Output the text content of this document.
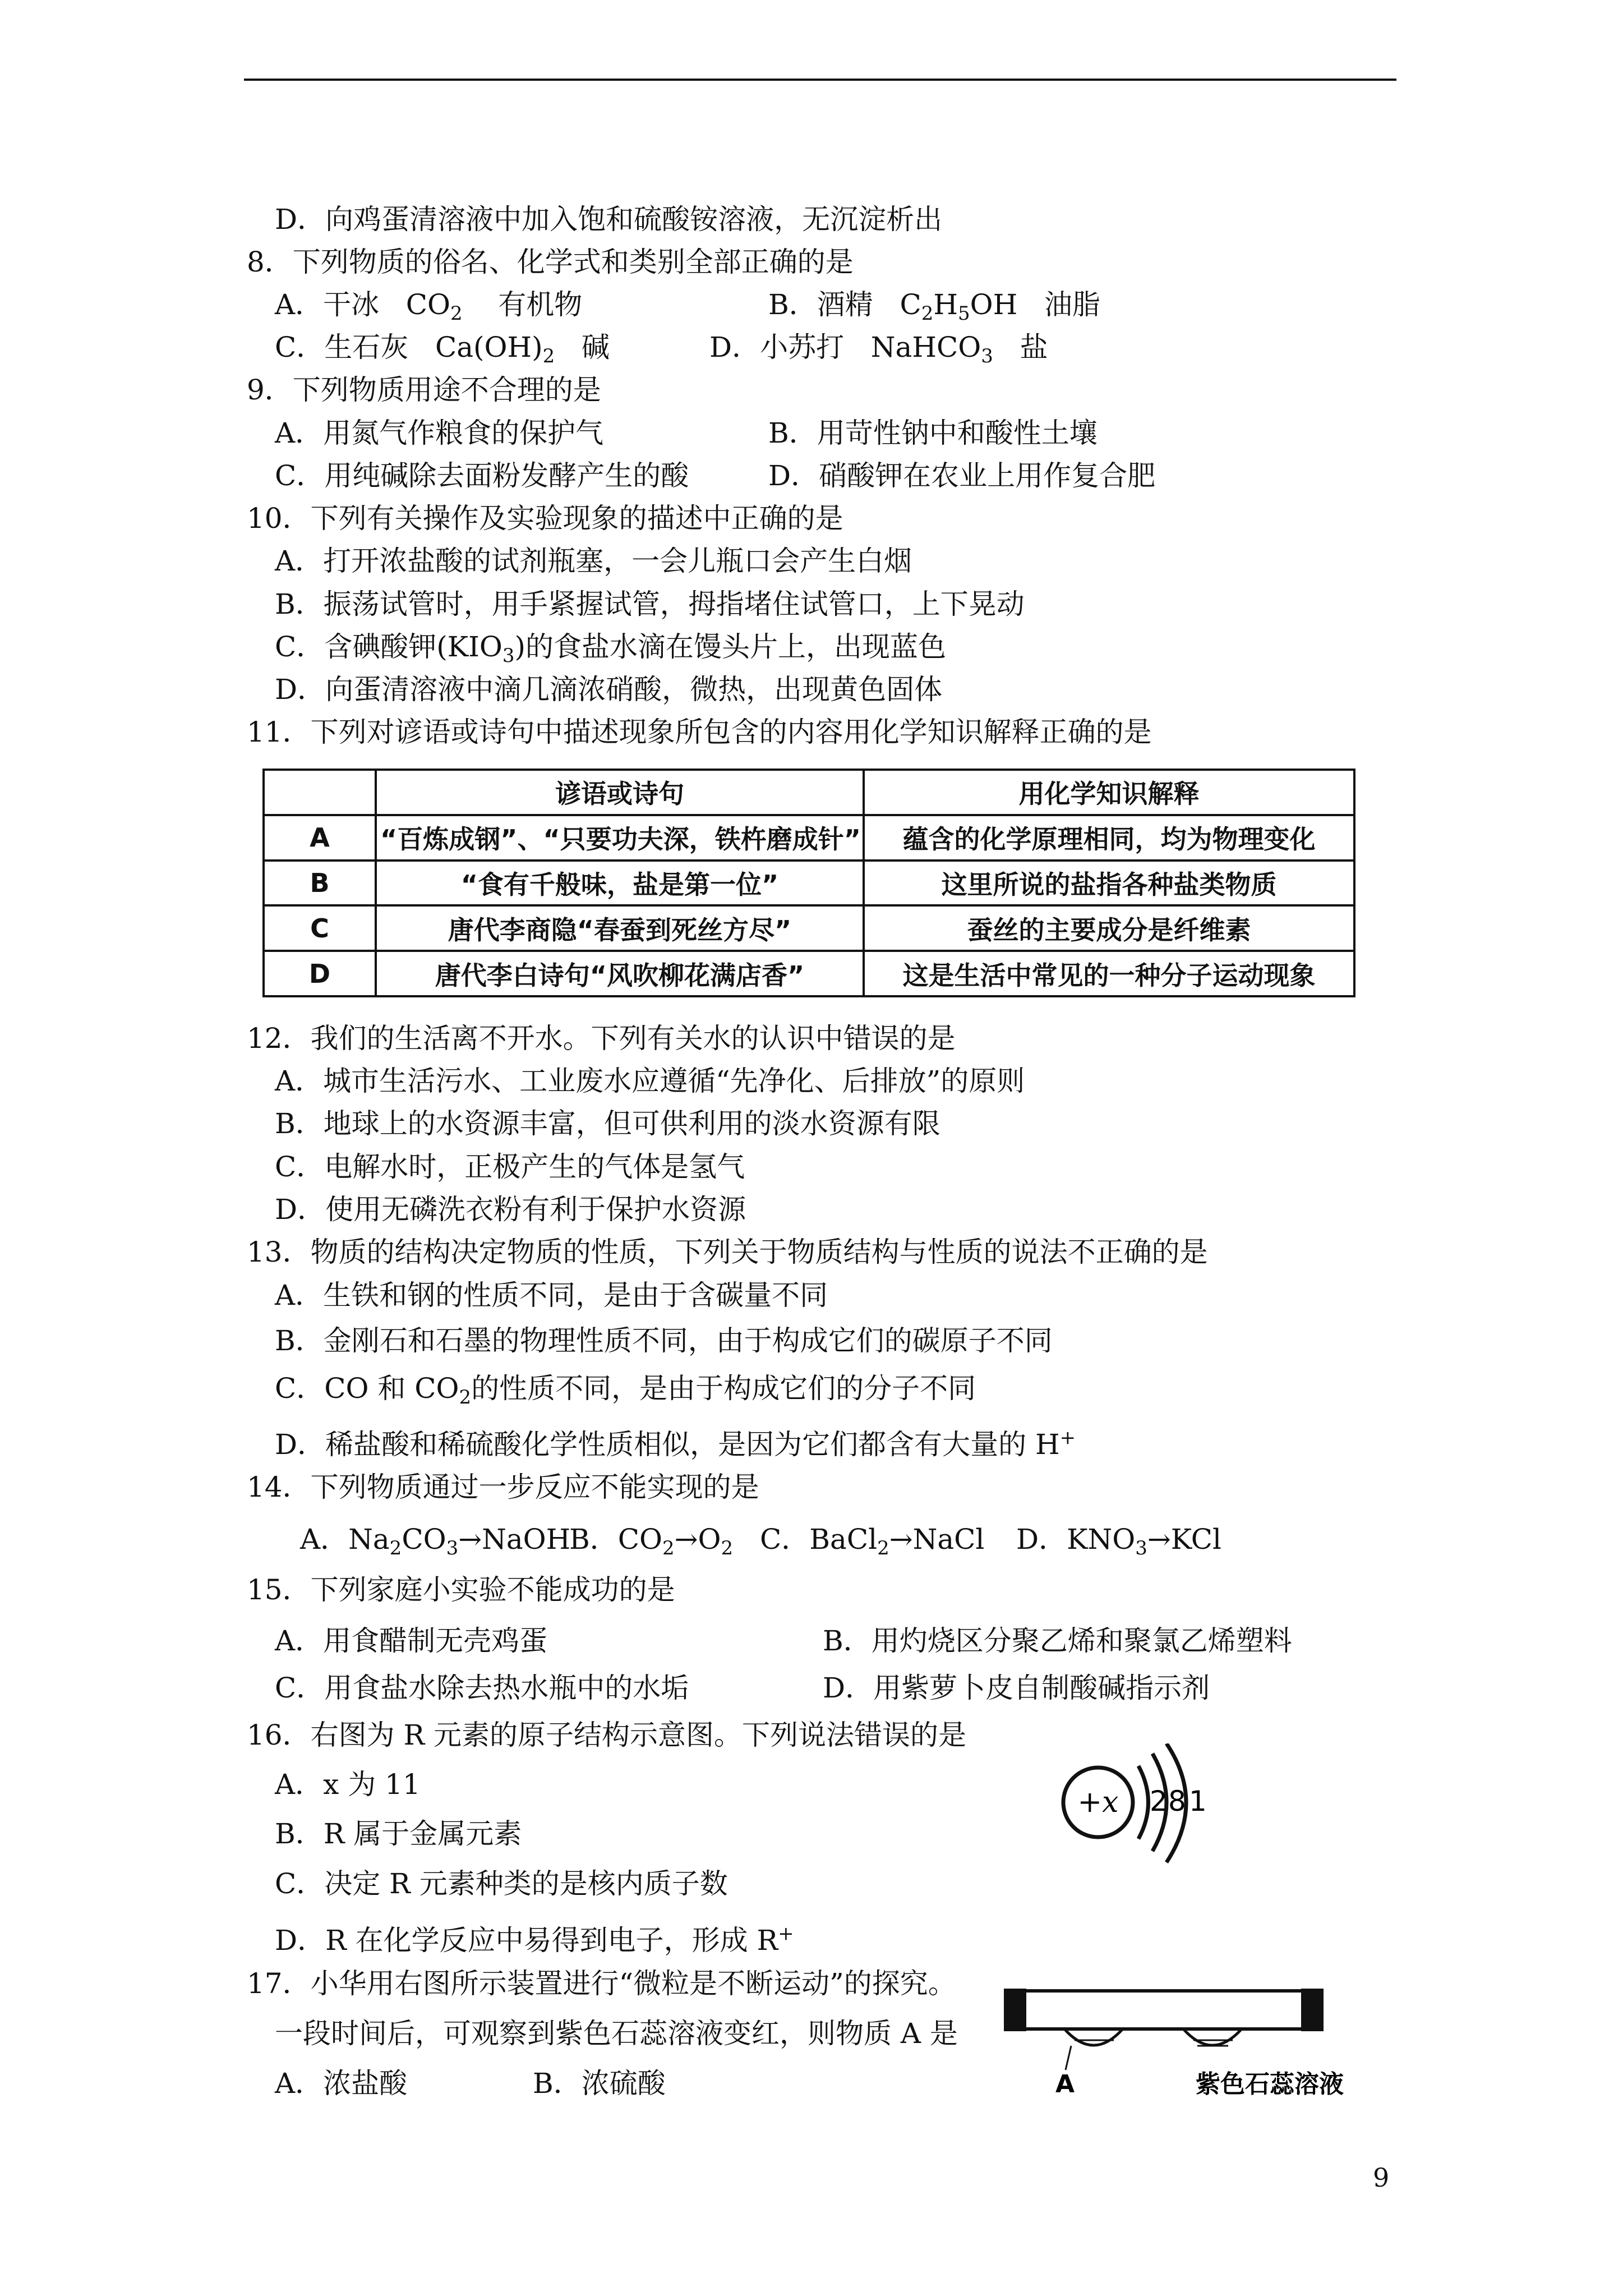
D．向鸡蛋清溶液中加入饱和硫酸铵溶液，无沉淀析出
8．下列物质的俗名、化学式和类别全部正确的是
A．干冰 $CO_2$ 有机物	B．酒精 $C_2H_5OH$ 油脂
C．生石灰 $Ca(OH)_2$ 碱	D．小苏打 NaHCO$_3$ 盐
9．下列物质用途不合理的是
A．用氮气作粮食的保护气	B．用苛性钠中和酸性土壤
C．用纯碱除去面粉发酵产生的酸	D．硝酸钾在农业上用作复合肥
10．下列有关操作及实验现象的描述中正确的是
A．打开浓盐酸的试剂瓶塞，一会儿瓶口会产生白烟
B．振荡试管时，用手紧握试管，拇指堵住试管口，上下晃动
C．含碘酸钾$(KIO_3)$的食盐水滴在馒头片上，出现蓝色
D．向蛋清溶液中滴几滴浓硝酸，微热，出现黄色固体
11．下列对谚语或诗句中描述现象所包含的内容用化学知识解释正确的是
	谚语或诗句	用化学知识解释
A	“百炼成钢”、“只要功夫深，铁杵磨成针”	蕴含的化学原理相同，均为物理变化
B	“食有千般味，盐是第一位”	这里所说的盐指各种盐类物质
C	唐代李商隐“春蚕到死丝方尽”	蚕丝的主要成分是纤维素
D	唐代李白诗句“风吹柳花满店香”	这是生活中常见的一种分子运动现象
12．我们的生活离不开水。下列有关水的认识中错误的是
A．城市生活污水、工业废水应遵循“先净化、后排放”的原则
B．地球上的水资源丰富，但可供利用的淡水资源有限
C．电解水时，正极产生的气体是氢气
D．使用无磷洗衣粉有利于保护水资源
13．物质的结构决定物质的性质，下列关于物质结构与性质的说法不正确的是
A．生铁和钢的性质不同，是由于含碳量不同
B．金刚石和石墨的物理性质不同，由于构成它们的碳原子不同
C．CO 和 $CO_2$的性质不同，是由于构成它们的分子不同
D．稀盐酸和稀硫酸化学性质相似，是因为它们都含有大量的 H+
14．下列物质通过一步反应不能实现的是
A．$Na_2CO_3\to NaOH$
B．$CO_2\to O_2$ C．BaCl$_2$→NaCl D．$KNO_3\to KCl$
15．下列家庭小实验不能成功的是
A．用食醋制无壳鸡蛋	B．用灼烧区分聚乙烯和聚氯乙烯塑料
C．用食盐水除去热水瓶中的水垢	D．用紫萝卜皮自制酸碱指示剂
16．右图为 R 元素的原子结构示意图。下列说法错误的是
A．x 为 11
B．R 属于金属元素
C．决定 R 元素种类的是核内质子数
D．R 在化学反应中易得到电子，形成 R+
+x 2 8 1
17．小华用右图所示装置进行“微粒是不断运动”的探究。
一段时间后，可观察到紫色石蕊溶液变红，则物质 A 是
A．浓盐酸	B．浓硫酸	A	紫色石蕊溶液
9
